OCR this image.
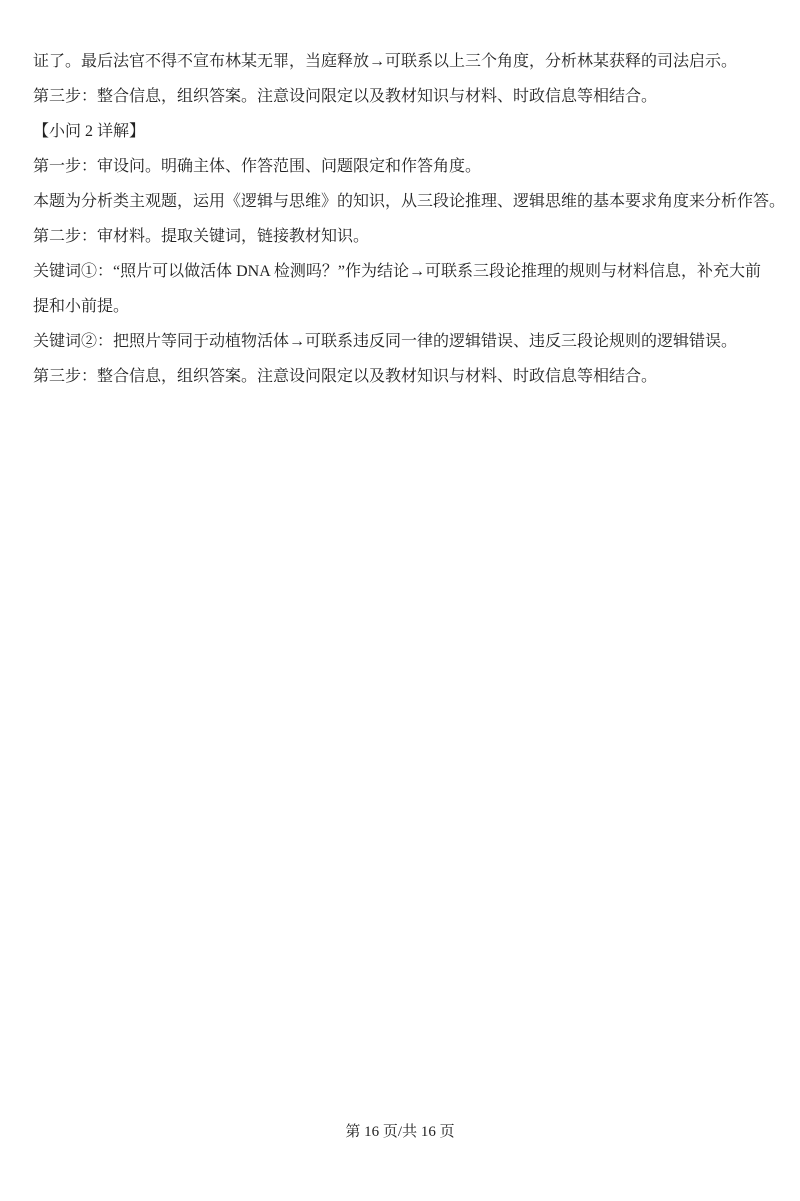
证了。最后法官不得不宣布林某无罪，当庭释放→可联系以上三个角度，分析林某获释的司法启示。

第三步：整合信息，组织答案。注意设问限定以及教材知识与材料、时政信息等相结合。

【小问 2 详解】

第一步：审设问。明确主体、作答范围、问题限定和作答角度。

本题为分析类主观题，运用《逻辑与思维》的知识，从三段论推理、逻辑思维的基本要求角度来分析作答。

第二步：审材料。提取关键词，链接教材知识。

关键词①：“照片可以做活体 DNA 检测吗？”作为结论→可联系三段论推理的规则与材料信息，补充大前
提和小前提。

关键词②：把照片等同于动植物活体→可联系违反同一律的逻辑错误、违反三段论规则的逻辑错误。

第三步：整合信息，组织答案。注意设问限定以及教材知识与材料、时政信息等相结合。

第 16 页/共 16 页
